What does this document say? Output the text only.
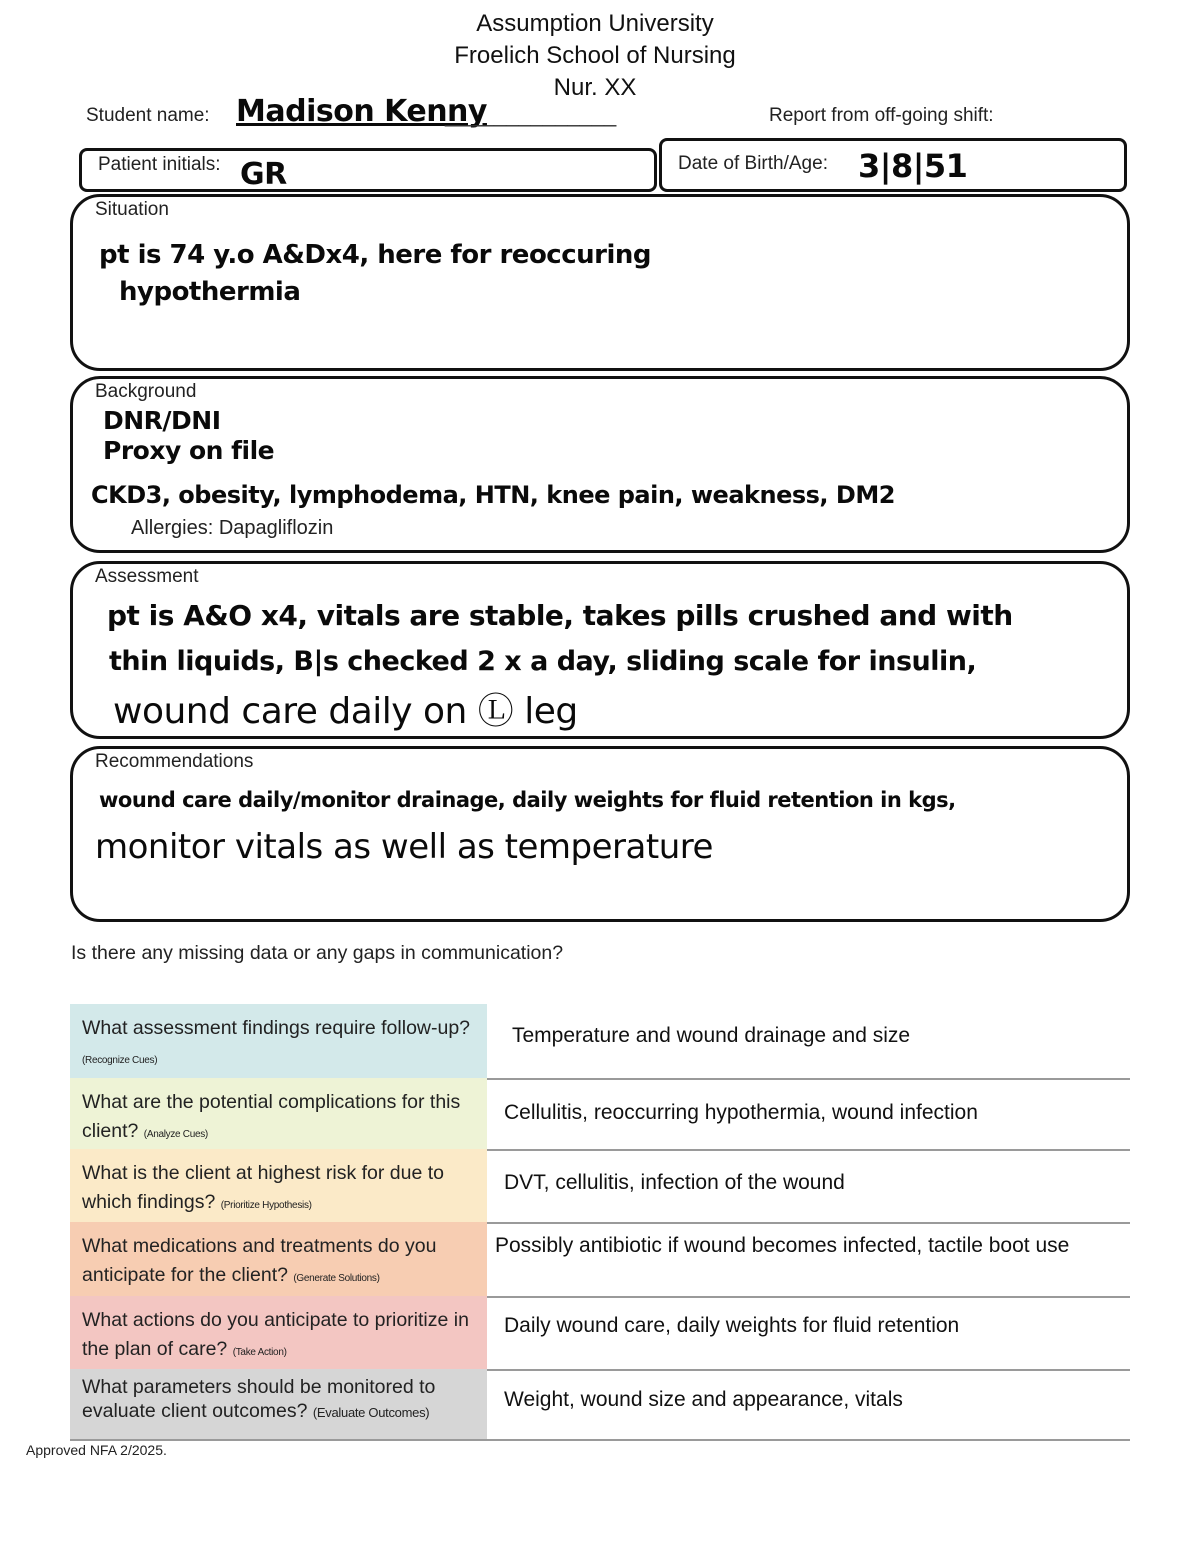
Assumption University
Froelich School of Nursing
Nur. XX
Student name: Madison Kenny
______________	Report from off-going shift:
Patient initials: GR	Date of Birth/Age: 3|8|51
Situation
pt is 74 y.o A&Dx4, here for reoccuring
hypothermia
Background
DNR/DNI
Proxy on file
CKD3, obesity, lymphodema, HTN, knee pain, weakness, DM2
Allergies: Dapagliflozin
Assessment
pt is A&O x4, vitals are stable, takes pills crushed and with
thin liquids, B|s checked 2 x a day, sliding scale for insulin,
wound care daily on Ⓛ leg
Recommendations
wound care daily/monitor drainage, daily weights for fluid retention in kgs,
monitor vitals as well as temperature
Is there any missing data or any gaps in communication?
What assessment findings require follow-up? (Recognize Cues)
Temperature and wound drainage and size
What are the potential complications for this client? (Analyze Cues)
Cellulitis, reoccurring hypothermia, wound infection
What is the client at highest risk for due to which findings? (Prioritize Hypothesis)
DVT, cellulitis, infection of the wound
What medications and treatments do you anticipate for the client? (Generate Solutions)
Possibly antibiotic if wound becomes infected, tactile boot use
What actions do you anticipate to prioritize in the plan of care? (Take Action)
Daily wound care, daily weights for fluid retention
What parameters should be monitored to evaluate client outcomes? (Evaluate Outcomes)
Weight, wound size and appearance, vitals
Approved NFA 2/2025.
